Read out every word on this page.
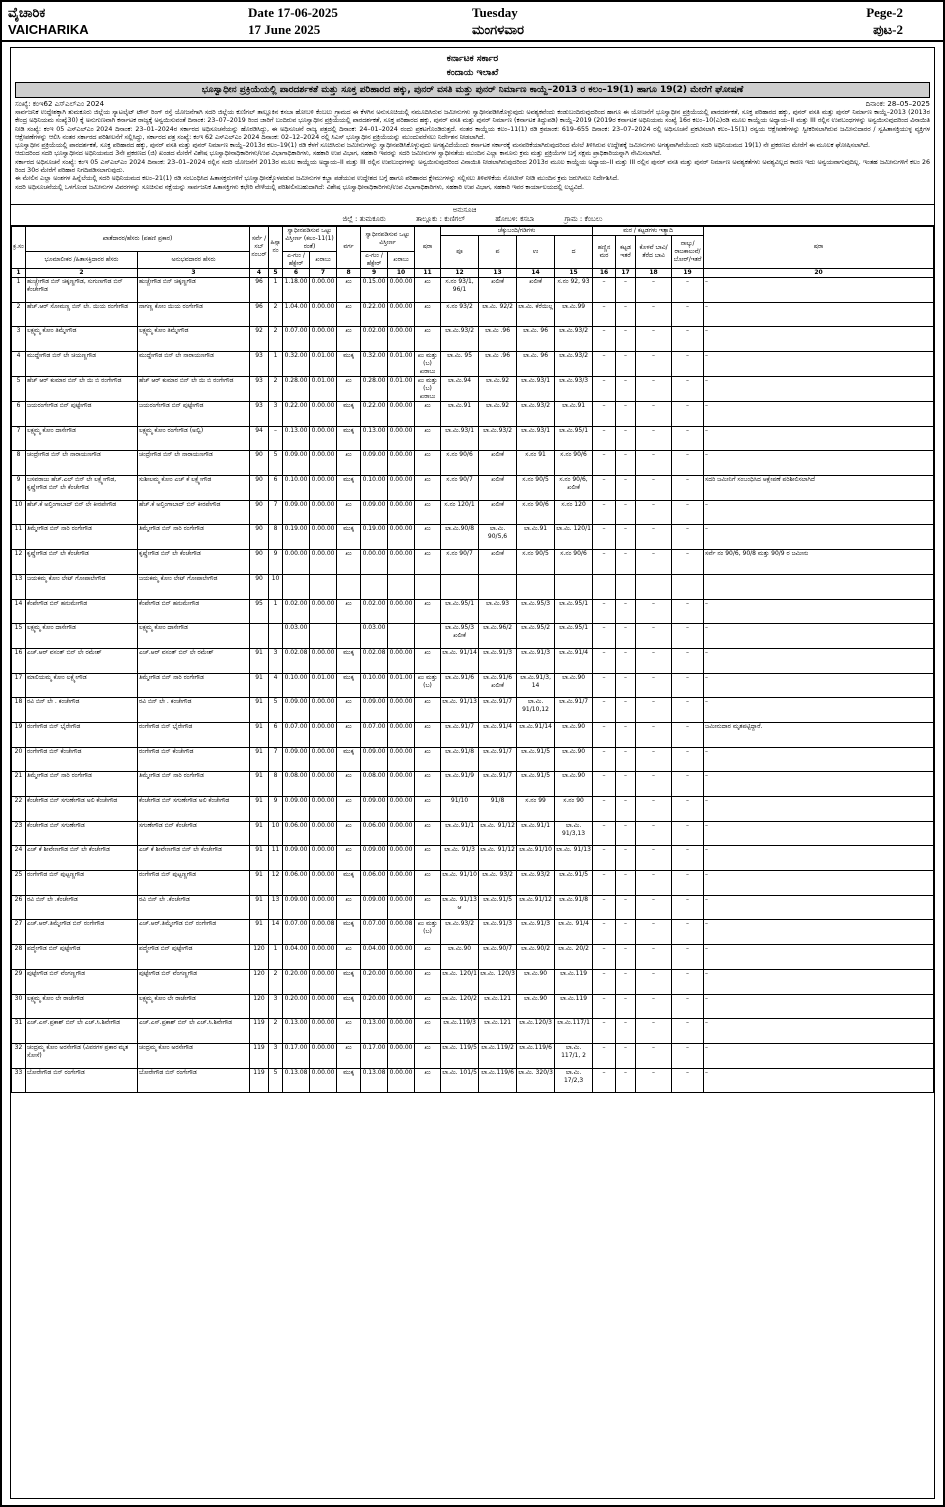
ವೈಚಾರಿಕ
VAICHARIKA
Date 17-06-2025
17 June 2025
Tuesday
ಮಂಗಳವಾರ
Pege-2
ಪುಟ-2
ಕರ್ನಾಟಕ ಸರ್ಕಾರ
ಕಂದಾಯ ಇಲಾಖೆ
ಭೂಸ್ವಾಧೀನ ಪ್ರಕ್ರಿಯೆಯಲ್ಲಿ ಪಾರದರ್ಶಕತೆ ಮತ್ತು ಸೂಕ್ತ ಪರಿಹಾರದ ಹಕ್ಕು, ಪುನರ್ ವಸತಿ ಮತ್ತು ಪುನರ್ ನಿರ್ಮಾಣ ಕಾಯ್ದೆ–2013 ರ ಕಲಂ–19(1) ಹಾಗೂ 19(2) ಮೇರೆಗೆ ಘೋಷಣೆ
ಸಂಖ್ಯೆ: ಕಂಇ62 ಎಸ್ಎಲ್ಎಂ 2024	ದಿನಾಂಕ: 28–05–2025
ಸಾರ್ವಜನಿಕ ಉದ್ದೇಶಕ್ಕಾಗಿ ತುಮಕೂರು ಜಿಲ್ಲೆಯ ಸ್ಯಾಟಲೈಟ್ ಟೌನ್ ರಿಂಗ್ ರಸ್ತೆ ಯೋಜನೆಗಾಗಿ ಸದರಿ ಜಿಲ್ಲೆಯ ಕುಣಿಗಲ್ ತಾಲ್ಲೂಕಿನ ಕಸಬಾ ಹೋಬಳಿ ಕೆಂಬಲು ಗ್ರಾಮದ ಈ ಕೆಳಗಿನ ಅನುಸೂಚಿಯಲ್ಲಿ ನಮೂದಿಸಿರುವ ಜಮೀನುಗಳು ಸ್ವಾಧೀನಪಡಿಸಿಕೊಳ್ಳುವುದು ಅವಶ್ಯಕವೆಂದು ಕಂಡುಬಂದಿರುವುದರಿಂದ ಹಾಗೂ ಈ ಯೋಜನೆಗೆ ಭೂಸ್ವಾಧೀನ ಪ್ರಕ್ರಿಯೆಯಲ್ಲಿ ಪಾರದರ್ಶಕತೆ, ಸೂಕ್ತ ಪರಿಹಾರದ ಹಕ್ಕು, ಪುನರ್ ವಸತಿ ಮತ್ತು ಪುನರ್ ನಿರ್ಮಾಣ ಕಾಯ್ದೆ–2013 (2013ರ ಕೇಂದ್ರ ಅಧಿನಿಯಮ ಸಂಖ್ಯೆ30) ಕ್ಕೆ ಅನುಗುಣವಾಗಿ ಕರ್ನಾಟಕ ರಾಜ್ಯಕ್ಕೆ ಅನ್ವಯಿಸುವಂತೆ ದಿನಾಂಕ: 23–07–2019 ರಿಂದ ಜಾರಿಗೆ ಬಂದಿರುವ ಭೂಸ್ವಾಧೀನ ಪ್ರಕ್ರಿಯೆಯಲ್ಲಿ ಪಾರದರ್ಶಕತೆ, ಸೂಕ್ತ ಪರಿಹಾರದ ಹಕ್ಕು, ಪುನರ್ ವಸತಿ ಮತ್ತು ಪುನರ್ ನಿರ್ಮಾಣ (ಕರ್ನಾಟಕ ತಿದ್ದುಪಡಿ) ಕಾಯ್ದೆ–2019 (2019ರ ಕರ್ನಾಟಕ ಅಧಿನಿಯಮ ಸಂಖ್ಯೆ 16ರ ಕಲಂ–10(ಎ)ರಡಿ ಮೂಲ ಕಾಯ್ದೆಯ ಅಧ್ಯಾಯ–II ಮತ್ತು III ರಲ್ಲಿನ ಉಪಬಂಧಗಳನ್ನು ಅನ್ವಯಿಸುವುದರಿಂದ ವಿನಾಯಿತಿ ನೀಡಿ ಸಂಖ್ಯೆ: ಕಂಇ 05 ಎಸ್ಎಲ್ಎಂ 2024 ದಿನಾಂಕ: 23–01–2024ರ ಸರ್ಕಾರದ ಅಧಿಸೂಚನೆಯನ್ನು ಹೊರಡಿಸಿದ್ದು, ಈ ಅಧಿಸೂಚನೆ ರಾಜ್ಯ ಪತ್ರದಲ್ಲಿ ದಿನಾಂಕ: 24–01–2024 ರಂದು ಪ್ರಕಟಗೊಂಡಿರುತ್ತದೆ. ನಂತರ ಕಾಯ್ದೆಯ ಕಲಂ–11(1) ರಡಿ ಕ್ರಮಾಂಕ: 619–655 ದಿನಾಂಕ: 23–07–2024 ರಲ್ಲಿ ಅಧಿಸೂಚನೆ ಪ್ರಕಟಿಸಲಾಗಿ ಕಲಂ–15(1) ರನ್ವಯ ಆಕ್ಷೇಪಣೆಗಳನ್ನು ಸ್ವೀಕರಿಸಲಾಗಿರುವ ಜಮೀನುದಾರರ / ಸ್ವಹಿತಾಸಕ್ತಿಯುಳ್ಳ ವ್ಯಕ್ತಿಗಳ ಆಕ್ಷೇಪಣೆಗಳನ್ನು ಆಲಿಸಿ ನಂತರ ಸರ್ಕಾರದ ಪರಿಶೀಲನೆಗೆ ಸಲ್ಲಿಸಿದ್ದು, ಸರ್ಕಾರದ ಪತ್ರ ಸಂಖ್ಯೆ: ಕಂಇ 62 ಎಸ್ಎಲ್ಎಂ 2024 ದಿನಾಂಕ: 02–12–2024 ರಲ್ಲಿ ಸಿಎಸ್ ಭೂಸ್ವಾಧೀನ ಪ್ರಕ್ರಿಯೆಯನ್ನು ಮುಂದುವರೆಸಲು ನಿರ್ದೇಶನ ನೀಡಲಾಗಿದೆ.
ಭೂಸ್ವಾಧೀನ ಪ್ರಕ್ರಿಯೆಯಲ್ಲಿ ಪಾರದರ್ಶಕತೆ, ಸೂಕ್ತ ಪರಿಹಾರದ ಹಕ್ಕು, ಪುನರ್ ವಸತಿ ಮತ್ತು ಪುನರ್ ನಿರ್ಮಾಣ ಕಾಯ್ದೆ–2013ರ ಕಲಂ–19(1) ರಡಿ ಕೆಳಗೆ ಸೂಚಿಸಿರುವ ಜಮೀನುಗಳನ್ನು ಸ್ವಾಧೀನಪಡಿಸಿಕೊಳ್ಳುವುದು ಅಗತ್ಯವಿದೆಯೆಂದು ಕರ್ನಾಟಕ ಸರ್ಕಾರಕ್ಕೆ ಮನವರಿಕೆಯಾಗಿರುವುದರಿಂದ ಮೇಲೆ ತಿಳಿಸಿರುವ ಉದ್ದೇಶಕ್ಕೆ ಜಮೀನುಗಳು ಅಗತ್ಯವಾಗಿವೆಯೆಂದು ಸದರಿ ಅಧಿನಿಯಮದ 19(1) ನೇ ಪ್ರಕರಣದ ಮೇರೆಗೆ ಈ ಮೂಲಕ ಘೋಷಿಸಲಾಗಿದೆ.
ಆದುದರಿಂದ ಸದರಿ ಭೂಸ್ವಾಧೀನದ ಅಧಿನಿಯಮದ 3ನೇ ಪ್ರಕರಣದ (ಜಿ) ಖಂಡದ ಮೇರೆಗೆ ವಿಶೇಷ ಭೂಸ್ವಾಧೀನಾಧಿಕಾರಿಗಳು/ಉಪ ವಿಭಾಗಾಧಿಕಾರಿಗಳು, ಸಹಕಾರಿ ಉಪ ವಿಭಾಗ, ಸಹಕಾರಿ ಇವರನ್ನು ಸದರಿ ಜಮೀನುಗಳ ಸ್ವಾಧೀನತೆಯ ಮುಂದಿನ ಎಲ್ಲಾ ಕಾನೂನು ಕ್ರಮ ಮತ್ತು ಪ್ರಕ್ರಿಯೆಗಳ ಬಗ್ಗೆ ಸಕ್ಷಮ ಪ್ರಾಧಿಕಾರಿಯನ್ನಾಗಿ ನೇಮಿಸಲಾಗಿದೆ.
ಸರ್ಕಾರದ ಅಧಿಸೂಚನೆ ಸಂಖ್ಯೆ: ಕಂಇ 05 ಎಸ್ಎಲ್ಎಂ 2024 ದಿನಾಂಕ: 23–01–2024 ರಲ್ಲಿನ ಸದರಿ ಯೋಜನೆಗೆ 2013ರ ಮೂಲ ಕಾಯ್ದೆಯ ಅಧ್ಯಾಯ–II ಮತ್ತು III ರಲ್ಲಿನ ಉಪಬಂಧಗಳನ್ನು ಅನ್ವಯಿಸುವುದರಿಂದ ವಿನಾಯಿತಿ ನೀಡಲಾಗಿರುವುದರಿಂದ 2013ರ ಮೂಲ ಕಾಯ್ದೆಯ ಅಧ್ಯಾಯ–II ಮತ್ತು III ರಲ್ಲಿನ ಪುನರ್ ವಸತಿ ಮತ್ತು ಪುನರ್ ನಿರ್ಮಾಣ ಅವಶ್ಯಕತೆಗಳು ಅವಶ್ಯವಿಲ್ಲದ ಕಾರಣ ಇದು ಅನ್ವಯವಾಗುವುದಿಲ್ಲ. ಇಂತಹ ಜಮೀನುಗಳಿಗೆ ಕಲಂ 26 ರಿಂದ 30ರ ಮೇರೆಗೆ ಪರಿಹಾರ ನಿಗದಿಪಡಿಸಲಾಗುವುದು.
ಈ ಮೇಲಿನ ಎಲ್ಲಾ ಅಂಶಗಳ ಹಿನ್ನೆಲೆಯಲ್ಲಿ ಸದರಿ ಅಧಿನಿಯಮದ ಕಲಂ–21(1) ರಡಿ ಸಂಬಂಧಿಸಿದ ಹಿತಾಸಕ್ತರುಗಳಿಗೆ ಭೂಸ್ವಾಧೀನಕ್ಕೊಳಪಡುವ ಜಮೀನುಗಳ ಕಬ್ಜಾ ಪಡೆಯುವ ಉದ್ದೇಶದ ಬಗ್ಗೆ ಹಾಗೂ ಪರಿಹಾರದ ಕ್ಲೇಮುಗಳನ್ನು ಸಲ್ಲಿಸಲು ತಿಳಿವಳಿಕೆಯ ನೋಟೀಸ್ ನೀಡಿ ಮುಂದಿನ ಕ್ರಮ ಜರುಗಿಸಲು ನಿರ್ದೇಶಿಸಿದೆ.
ಸದರಿ ಅಧಿಸೂಚನೆಯಲ್ಲಿ ಒಳಗೊಂಡ ಜಮೀನುಗಳ ವಿವರಗಳನ್ನು ಸೂಚಿಸುವ ನಕ್ಷೆಯನ್ನು ಸಾರ್ವಜನಿಕ ಹಿತಾಸಕ್ತಿಗಳು ಕಛೇರಿ ವೇಳೆಯಲ್ಲಿ ಪರಿಶೀಲಿಸಬಹುದಾಗಿದೆ: ವಿಶೇಷ ಭೂಸ್ವಾಧೀನಾಧಿಕಾರಿಗಳು/ಉಪ ವಿಭಾಗಾಧಿಕಾರಿಗಳು, ಸಹಕಾರಿ ಉಪ ವಿಭಾಗ, ಸಹಕಾರಿ ಇವರ ಕಾರ್ಯಾಲಯದಲ್ಲಿ ಲಭ್ಯವಿದೆ.
ಅನುಸೂಚಿ
ಜಿಲ್ಲೆ : ತುಮಕೂರು	ತಾಲ್ಲೂಕು : ಕುಣಿಗಲ್	ಹೋಬಳಿ: ಕಸಬಾ	ಗ್ರಾಮ : ಕೆಂಬಲು
ಕ್ರ.ಸಂ	ಖಾತೆದಾರರ/ಹೆಸರು (ಪಹಣಿ ಪ್ರಕಾರ)		ಸರ್ವೆ / ಸಬ್ ನಂಬರ್	ಹಿಸ್ಸಾ ನಂ	ಸ್ವಾಧೀನಪಡಿಸುವ ಒಟ್ಟು ವಿಸ್ತೀರ್ಣ (ಕಲಂ-11(1) ರಂತೆ)		ವರ್ಗ	ಸ್ವಾಧೀನಪಡಿಸುವ ಒಟ್ಟು ವಿಸ್ತೀರ್ಣ		ಷರಾ	ಚೆಕ್ಕುಬಂದಿ/ಗಡಿಗಳು				ಮರ / ಕಟ್ಟಡಗಳು ಇತ್ಯಾದಿ				ಷರಾ
											ಪೂ	ಪ	ಉ	ದ	ಹಣ್ಣಿನ ಮರ	ಕಟ್ಟಡ ಇತರೆ	ಕೊಳವೆ ಬಾವಿ/ ತೆರೆದ ಬಾವಿ	ನಾಲ್ಕು/ರಾಜಕಾಲುವೆ/ ಬೋರ್/ಇತರೆ	
	ಭೂಮಾಲೀಕರ /ಹಿತಾಸಕ್ತಿದಾರರ ಹೆಸರು	ಅನುಭವದಾರರ ಹೆಸರು			ಎ-ಗುಂ / ಹೆಕ್ಟೇರ್	ಖರಾಬು		ಎ-ಗುಂ / ಹೆಕ್ಟೇರ್	ಖರಾಬು										
1	2	3	4	5	6	7	8	9	10	11	12	13	14	15	16	17	18	19	20
1	ಹುಚ್ಚೇಗೌಡ ಬಿನ್ ಚಿಕ್ಕಣ್ಣಗೌಡ, ಸುಗುಣಗೌಡ ಬಿನ್ ಕೆಂಚೇಗೌಡ	ಹುಚ್ಚೇಗೌಡ ಬಿನ್ ಚಿಕ್ಕಣ್ಣಗೌಡ	96	1	1.18.00	0.00.00	ಖು	0.15.00	0.00.00	ಖು	ಸ.ನಂ 93/1, 96/1	ಖಲೀಕೆ	ಖಲೀಕೆ	ಸ.ನಂ 92, 93	–	–	–	–	–
2	ಹೆಚ್.ಆರ್ ಸೋಮಣ್ಣ ಬಿನ್ ಲೇ. ಯಿಯ ರಂಗೇಗೌಡ	ನಾಗಣ್ಣ ಕೋಂ ಯಿಯ ರಂಗೇಗೌಡ	96	2	1.04.00	0.00.00	ಖು	0.22.00	0.00.00	ಖು	ಸ.ನಂ 93/2	ಲಾ.ಮಿ. 92/2	ಲಾ.ಮಿ. ಕೆರೆಯಿಲ್ಲ	ಲಾ.ಮಿ.99	–	–	–	–	–
3	ಲಕ್ಷ್ಮಮ್ಮ ಕೋಂ ತಿಮ್ಮೇಗೌಡ	ಲಕ್ಷ್ಮಮ್ಮ ಕೋಂ ತಿಮ್ಮೇಗೌಡ	92	2	0.07.00	0.00.00	ಖು	0.02.00	0.00.00	ಖು	ಲಾ.ಮಿ.93/2	ಲಾ.ಮಿ .96	ಲಾ.ಮಿ. 96	ಲಾ.ಮಿ.93/2	–	–	–	–	–
4	ಮುದ್ದೇಗೌಡ ಬಿನ್ ಲೇ ಚಿಯಣ್ಣಗೌಡ	ಮುದ್ದೇಗೌಡ ಬಿನ್ ಲೇ ನಾರಾಯಣಗೌಡ	93	1	0.32.00	0.01.00	ಮುಕ್ಕ	0.32.00	0.01.00	ಖು ಮತ್ತು (ಬ) ಖರಾಬು	ಲಾ.ಮಿ. 95	ಲಾ.ಮಿ .96	ಲಾ.ಮಿ. 96	ಲಾ.ಮಿ.93/2	–	–	–	–	–
5	ಹೆಚ್ ಆರ್ ಕುಮಾರ ಬಿನ್ ಲೇ ಯಿ ಬಿ ರಂಗೇಗೌಡ	ಹೆಚ್ ಆರ್ ಕುಮಾರ ಬಿನ್ ಲೇ ಯಿ ಬಿ ರಂಗೇಗೌಡ	93	2	0.28.00	0.01.00	ಖು	0.28.00	0.01.00	ಖು ಮತ್ತು (ಬ) ಖರಾಬು	ಲಾ.ಮಿ.94	ಲಾ.ಮಿ.92	ಲಾ.ಮಿ.93/1	ಲಾ.ಮಿ.93/3	–	–	–	–	–
6	ಜಯರಂಗೇಗೌಡ ಬಿನ್ ಪುಟ್ಟೇಗೌಡ	ಜಯರಂಗೇಗೌಡ ಬಿನ್ ಪುಟ್ಟೇಗೌಡ	93	3	0.22.00	0.00.00	ಮುಕ್ಕ	0.22.00	0.00.00	ಖು	ಲಾ.ಮಿ.91	ಲಾ.ಮಿ.92	ಲಾ.ಮಿ.93/2	ಲಾ.ಮಿ.91	–	–	–	–	–
7	ಲಕ್ಷ್ಮಮ್ಮ ಕೋಂ ದಾಸೇಗೌಡ	ಲಕ್ಷ್ಮಮ್ಮ ಕೋಂ ರಂಗೇಗೌಡ (ಅಲ್ವಿ)	94	–	0.13.00	0.00.00	ಮುಕ್ಕ	0.13.00	0.00.00	ಖು	ಲಾ.ಮಿ.93/1	ಲಾ.ಮಿ.93/2	ಲಾ.ಮಿ.93/1	ಲಾ.ಮಿ.95/1	–	–	–	–	–
8	ಚಂದ್ರೇಗೌಡ ಬಿನ್ ಲೇ ನಾರಾಯಣಗೌಡ	ಚಂದ್ರೇಗೌಡ ಬಿನ್ ಲೇ ನಾರಾಯಣಗೌಡ	90	5	0.09.00	0.00.00	ಖು	0.09.00	0.00.00	ಖು	ಸ.ನಂ 90/6	ಖಲೀಕೆ	ಸ.ನಂ 91	ಸ.ನಂ 90/6	–	–	–	–	–
9	ಬಸವರಾಜು ಹೆಚ್.ಎಲ್ ಬಿನ್ ಲೇ ಲಕ್ಷ್ಮೇಗೌಡ, ಕೃಷ್ಣೇಗೌಡ ಬಿನ್ ಲೇ ಕೆಂಚೇಗೌಡ	ಸುಶೀಲಮ್ಮ ಕೋಂ ಎಚ್ ಕೆ ಲಕ್ಷ್ಮೇಗೌಡ	90	6	0.10.00	0.00.00	ಮುಕ್ಕ	0.10.00	0.00.00	ಖು	ಸ.ನಂ 90/7	ಖಲೀಕೆ	ಸ.ನಂ 90/5	ಸ.ನಂ 90/6, ಖಲೀಕೆ	–	–	–	–	ಸದರಿ ಜಮೀನಿಗೆ ಸಂಬಂಧಿಸಿದ ಆಕ್ಷೇಪಣೆ ಪರಿಶೀಲಿಸಲಾಗಿದೆ
10	ಹೆಚ್.ಕೆ ಅಲ್ತಿಂಗಾಬಾದ್ ಬಿನ್ ಲೇ ಕೀರಪೇಗೌಡ	ಹೆಚ್.ಕೆ ಅಲ್ತಿಂಗಾಬಾದ್ ಬಿನ್ ಕೀರಪೇಗೌಡ	90	7	0.09.00	0.00.00	ಖು	0.09.00	0.00.00	ಖು	ಸ.ನಂ 120/1	ಖಲೀಕೆ	ಸ.ನಂ 90/6	ಸ.ನಂ 120	–	–	–	–	–
11	ತಿಮ್ಮೇಗೌಡ ಬಿನ್ ನಾರಿ ರಂಗೇಗೌಡ	ತಿಮ್ಮೇಗೌಡ ಬಿನ್ ನಾರಿ ರಂಗೇಗೌಡ	90	8	0.19.00	0.00.00	ಮುಕ್ಕ	0.19.00	0.00.00	ಖು	ಲಾ.ಮಿ.90/8	ಲಾ.ಮಿ. 90/5,6	ಲಾ.ಮಿ.91	ಲಾ.ಮಿ. 120/1	–	–	–	–	–
12	ಕೃಷ್ಣೇಗೌಡ ಬಿನ್ ಲೇ ಕೆಂಚೇಗೌಡ	ಕೃಷ್ಣೇಗೌಡ ಬಿನ್ ಲೇ ಕೆಂಚೇಗೌಡ	90	9	0.00.00	0.00.00	ಖು	0.00.00	0.00.00	ಖು	ಸ.ನಂ 90/7	ಖಲೀಕೆ	ಸ.ನಂ 90/5	ಸ.ನಂ 90/6	–	–	–	–	ಸರ್ವೆ ನಂ 90/6, 90/8 ಮತ್ತು 90/9 ರ ಜಮೀನು
13	ಜಯಕಮ್ಮ ಕೋಂ ಲೇಟ್ ಗೋಪಾಲೇಗೌಡ	ಜಯಕಮ್ಮ ಕೋಂ ಲೇಟ್ ಗೋಪಾಲೇಗೌಡ	90	10															
14	ಕೆಂಪೇಗೌಡ ಬಿನ್ ಹನುಮೇಗೌಡ	ಕೆಂಪೇಗೌಡ ಬಿನ್ ಹನುಮೇಗೌಡ	95	1	0.02.00	0.00.00	ಖು	0.02.00	0.00.00	ಖು	ಲಾ.ಮಿ.95/1	ಲಾ.ಮಿ.93	ಲಾ.ಮಿ.95/3	ಲಾ.ಮಿ.95/1	–	–	–	–	–
15	ಲಕ್ಷ್ಮಮ್ಮ ಕೋಂ ದಾಸೇಗೌಡ	ಲಕ್ಷ್ಮಮ್ಮ ಕೋಂ ದಾಸೇಗೌಡ			0.03.00			0.03.00			ಲಾ.ಮಿ.95/3 ಖಲೀಕೆ	ಲಾ.ಮಿ.96/2	ಲಾ.ಮಿ.95/2	ಲಾ.ಮಿ.95/1	–	–	–	–	–
16	ಎಚ್.ಆರ್ ವಸಂತ್ ಬಿನ್ ಲೇ ರಮೇಶ್	ಎಚ್.ಆರ್ ವಸಂತ್ ಬಿನ್ ಲೇ ರಮೇಶ್	91	3	0.02.08	0.00.00	ಮುಕ್ಕ	0.02.08	0.00.00	ಖು	ಲಾ.ಮಿ. 91/14	ಲಾ.ಮಿ.91/3	ಲಾ.ಮಿ.91/3	ಲಾ.ಮಿ.91/4	–	–	–	–	–
17	ಮಾಲಿಯಮ್ಮ ಕೋಂ ಲಕ್ಷ್ಮೇಗೌಡ	ತಿಮ್ಮೇಗೌಡ ಬಿನ್ ನಾರಿ ರಂಗೇಗೌಡ	91	4	0.10.00	0.01.00	ಮುಕ್ಕ	0.10.00	0.01.00	ಖು ಮತ್ತು (ಬ)	ಲಾ.ಮಿ.91/6	ಲಾ.ಮಿ.91/6 ಖಲೀಕೆ	ಲಾ.ಮಿ.91/3, 14	ಲಾ.ಮಿ.90	–	–	–	–	–
18	ರವಿ ಬಿನ್ ಲೇ . ಕಂಚೇಗೌಡ	ರವಿ ಬಿನ್ ಲೇ . ಕಂಚೇಗೌಡ	91	5	0.09.00	0.00.00	ಖು	0.09.00	0.00.00	ಖು	ಲಾ.ಮಿ. 91/13	ಲಾ.ಮಿ.91/7	ಲಾ.ಮಿ. 91/10,12	ಲಾ.ಮಿ.91/7	–	–	–	–	–
19	ರಂಗೇಗೌಡ ಬಿನ್ ಭೈರೇಗೌಡ	ರಂಗೇಗೌಡ ಬಿನ್ ಭೈರೇಗೌಡ	91	6	0.07.00	0.00.00	ಖು	0.07.00	0.00.00	ಖು	ಲಾ.ಮಿ.91/7	ಲಾ.ಮಿ.91/4	ಲಾ.ಮಿ.91/14	ಲಾ.ಮಿ.90	–	–	–	–	ಜಮೀನುದಾರ ಮೃತಪಟ್ಟಿದ್ದಾರೆ.
20	ರಂಗೇಗೌಡ ಬಿನ್ ಕೆಂಚೇಗೌಡ	ರಂಗೇಗೌಡ ಬಿನ್ ಕೆಂಚೇಗೌಡ	91	7	0.09.00	0.00.00	ಮುಕ್ಕ	0.09.00	0.00.00	ಖು	ಲಾ.ಮಿ.91/8	ಲಾ.ಮಿ.91/7	ಲಾ.ಮಿ.91/5	ಲಾ.ಮಿ.90	–	–	–	–	–
21	ತಿಮ್ಮೇಗೌಡ ಬಿನ್ ನಾರಿ ರಂಗೇಗೌಡ	ತಿಮ್ಮೇಗೌಡ ಬಿನ್ ನಾರಿ ರಂಗೇಗೌಡ	91	8	0.08.00	0.00.00	ಖು	0.08.00	0.00.00	ಖು	ಲಾ.ಮಿ.91/9	ಲಾ.ಮಿ.91/7	ಲಾ.ಮಿ.91/5	ಲಾ.ಮಿ.90	–	–	–	–	–
22	ಕೆಂಚೇಗೌಡ ಬಿನ್ ಸಗುಣೇಗೌಡ ಅಲಿ ಕೆಂಚೇಗೌಡ	ಕೆಂಚೇಗೌಡ ಬಿನ್ ಸಗುಣೇಗೌಡ ಅಲಿ ಕೆಂಚೇಗೌಡ	91	9	0.09.00	0.00.00	ಖು	0.09.00	0.00.00	ಖು	91/10	91/8	ಸ.ನಂ 99	ಸ.ನಂ 90	–	–	–	–	–
23	ಕೆಂಚೇಗೌಡ ಬಿನ್ ಸಗುಣೇಗೌಡ	ಸಗುಣೇಗೌಡ ಬಿನ್ ಕೆಂಚೇಗೌಡ	91	10	0.06.00	0.00.00	ಖು	0.06.00	0.00.00	ಖು	ಲಾ.ಮಿ.91/1	ಲಾ.ಮಿ. 91/12	ಲಾ.ಮಿ.91/1	ಲಾ.ಮಿ. 91/3,13	–	–	–	–	–
24	ಎಚ್ ಕೆ ಶೀವೇಣಗೌಡ ಬಿನ್ ಲೇ ಕೆಂಚೇಗೌಡ	ಎಚ್ ಕೆ ಶೀವೇಣಗೌಡ ಬಿನ್ ಲೇ ಕೆಂಚೇಗೌಡ	91	11	0.09.00	0.00.00	ಖು	0.09.00	0.00.00	ಖು	ಲಾ.ಮಿ. 91/3	ಲಾ.ಮಿ. 91/12	ಲಾ.ಮಿ.91/10	ಲಾ.ಮಿ. 91/13	–	–	–	–	–
25	ರಂಗೇಗೌಡ ಬಿನ್ ಪುಟ್ಟಣ್ಣಗೌಡ	ರಂಗೇಗೌಡ ಬಿನ್ ಪುಟ್ಟಣ್ಣಗೌಡ	91	12	0.06.00	0.00.00	ಮುಕ್ಕ	0.06.00	0.00.00	ಖು	ಲಾ.ಮಿ. 91/10	ಲಾ.ಮಿ. 93/2	ಲಾ.ಮಿ.93/2	ಲಾ.ಮಿ.91/5	–	–	–	–	–
26	ರವಿ ಬಿನ್ ಲೇ .ಕೆಂಚೇಗೌಡ	ರವಿ ಬಿನ್ ಲೇ .ಕೆಂಚೇಗೌಡ	91	13	0.09.00	0.00.00	ಖು	0.09.00	0.00.00	ಖು	ಲಾ.ಮಿ. 91/13 ಆ	ಲಾ.ಮಿ.91/5	ಲಾ.ಮಿ.91/12	ಲಾ.ಮಿ.91/8	–	–	–	–	–
27	ಎಚ್.ಆರ್.ತಿಮ್ಮೇಗೌಡ ಬಿನ್ ರಂಗೇಗೌಡ	ಎಚ್.ಆರ್.ತಿಮ್ಮೇಗೌಡ ಬಿನ್ ರಂಗೇಗೌಡ	91	14	0.07.00	0.00.08	ಮುಕ್ಕ	0.07.00	0.00.08	ಖು ಮತ್ತು (ಬ)	ಲಾ.ಮಿ.93/2	ಲಾ.ಮಿ.91/3	ಲಾ.ಮಿ.91/3	ಲಾ.ಮಿ. 91/4	–	–	–	–	–
28	ಪದ್ಮೇಗೌಡ ಬಿನ್ ಪುಟ್ಟೇಗೌಡ	ಪದ್ಮೇಗೌಡ ಬಿನ್ ಪುಟ್ಟೇಗೌಡ	120	1	0.04.00	0.00.00	ಖು	0.04.00	0.00.00	ಖು	ಲಾ.ಮಿ.90	ಲಾ.ಮಿ.90/7	ಲಾ.ಮಿ.90/2	ಲಾ.ಮಿ. 20/2	–	–	–	–	–
29	ಪುಟ್ಟೇಗೌಡ ಬಿನ್ ವೆಂಗಣ್ಣಗೌಡ	ಪುಟ್ಟೇಗೌಡ ಬಿನ್ ವೆಂಗಣ್ಣಗೌಡ	120	2	0.20.00	0.00.00	ಮುಕ್ಕ	0.20.00	0.00.00	ಖು	ಲಾ.ಮಿ. 120/1	ಲಾ.ಮಿ. 120/3	ಲಾ.ಮಿ.90	ಲಾ.ಮಿ.119	–	–	–	–	–
30	ಲಕ್ಷ್ಮಮ್ಮ ಕೋಂ ಲೇ ರಾಜೇಗೌಡ	ಲಕ್ಷ್ಮಮ್ಮ ಕೋಂ ಲೇ ರಾಜೇಗೌಡ	120	3	0.20.00	0.00.00	ಮುಕ್ಕ	0.20.00	0.00.00	ಖು	ಲಾ.ಮಿ. 120/2	ಲಾ.ಮಿ.121	ಲಾ.ಮಿ.90	ಲಾ.ಮಿ.119	–	–	–	–	–
31	ಎಚ್.ಎಸ್.ಪ್ರಕಾಶ್ ಬಿನ್ ಲೇ ಎಚ್.ಸಿ.ಶಿವೇಗೌಡ	ಎಚ್.ಎಸ್.ಪ್ರಕಾಶ್ ಬಿನ್ ಲೇ ಎಚ್.ಸಿ.ಶಿವೇಗೌಡ	119	2	0.13.00	0.00.00	ಖು	0.13.00	0.00.00	ಖು	ಲಾ.ಮಿ.119/3	ಲಾ.ಮಿ.121	ಲಾ.ಮಿ.120/3	ಲಾ.ಮಿ.117/1	–	–	–	–	–
32	ಚಂದ್ರಮ್ಮ ಕೋಂ ಅರಸೇಗೌಡ (ವಿವರಗಳ ಪ್ರಕಾರ ಮೃತ ಸೋಸೆ)	ಚಂದ್ರಮ್ಮ ಕೋಂ ಅರಸೇಗೌಡ	119	3	0.17.00	0.00.00	ಖು	0.17.00	0.00.00	ಖು	ಲಾ.ಮಿ. 119/5	ಲಾ.ಮಿ.119/2	ಲಾ.ಮಿ.119/6	ಲಾ.ಮಿ. 117/1, 2	–	–	–	–	–
33	ಬೋರೇಗೌಡ ಬಿನ್ ರಂಗೇಗೌಡ	ಬೋರೇಗೌಡ ಬಿನ್ ರಂಗೇಗೌಡ	119	5	0.13.08	0.00.00	ಮುಕ್ಕ	0.13.08	0.00.00	ಖು	ಲಾ.ಮಿ. 101/5	ಲಾ.ಮಿ.119/6	ಲಾ.ಮಿ. 320/3	ಲಾ.ಮಿ. 17/2,3	–	–	–	–	–
